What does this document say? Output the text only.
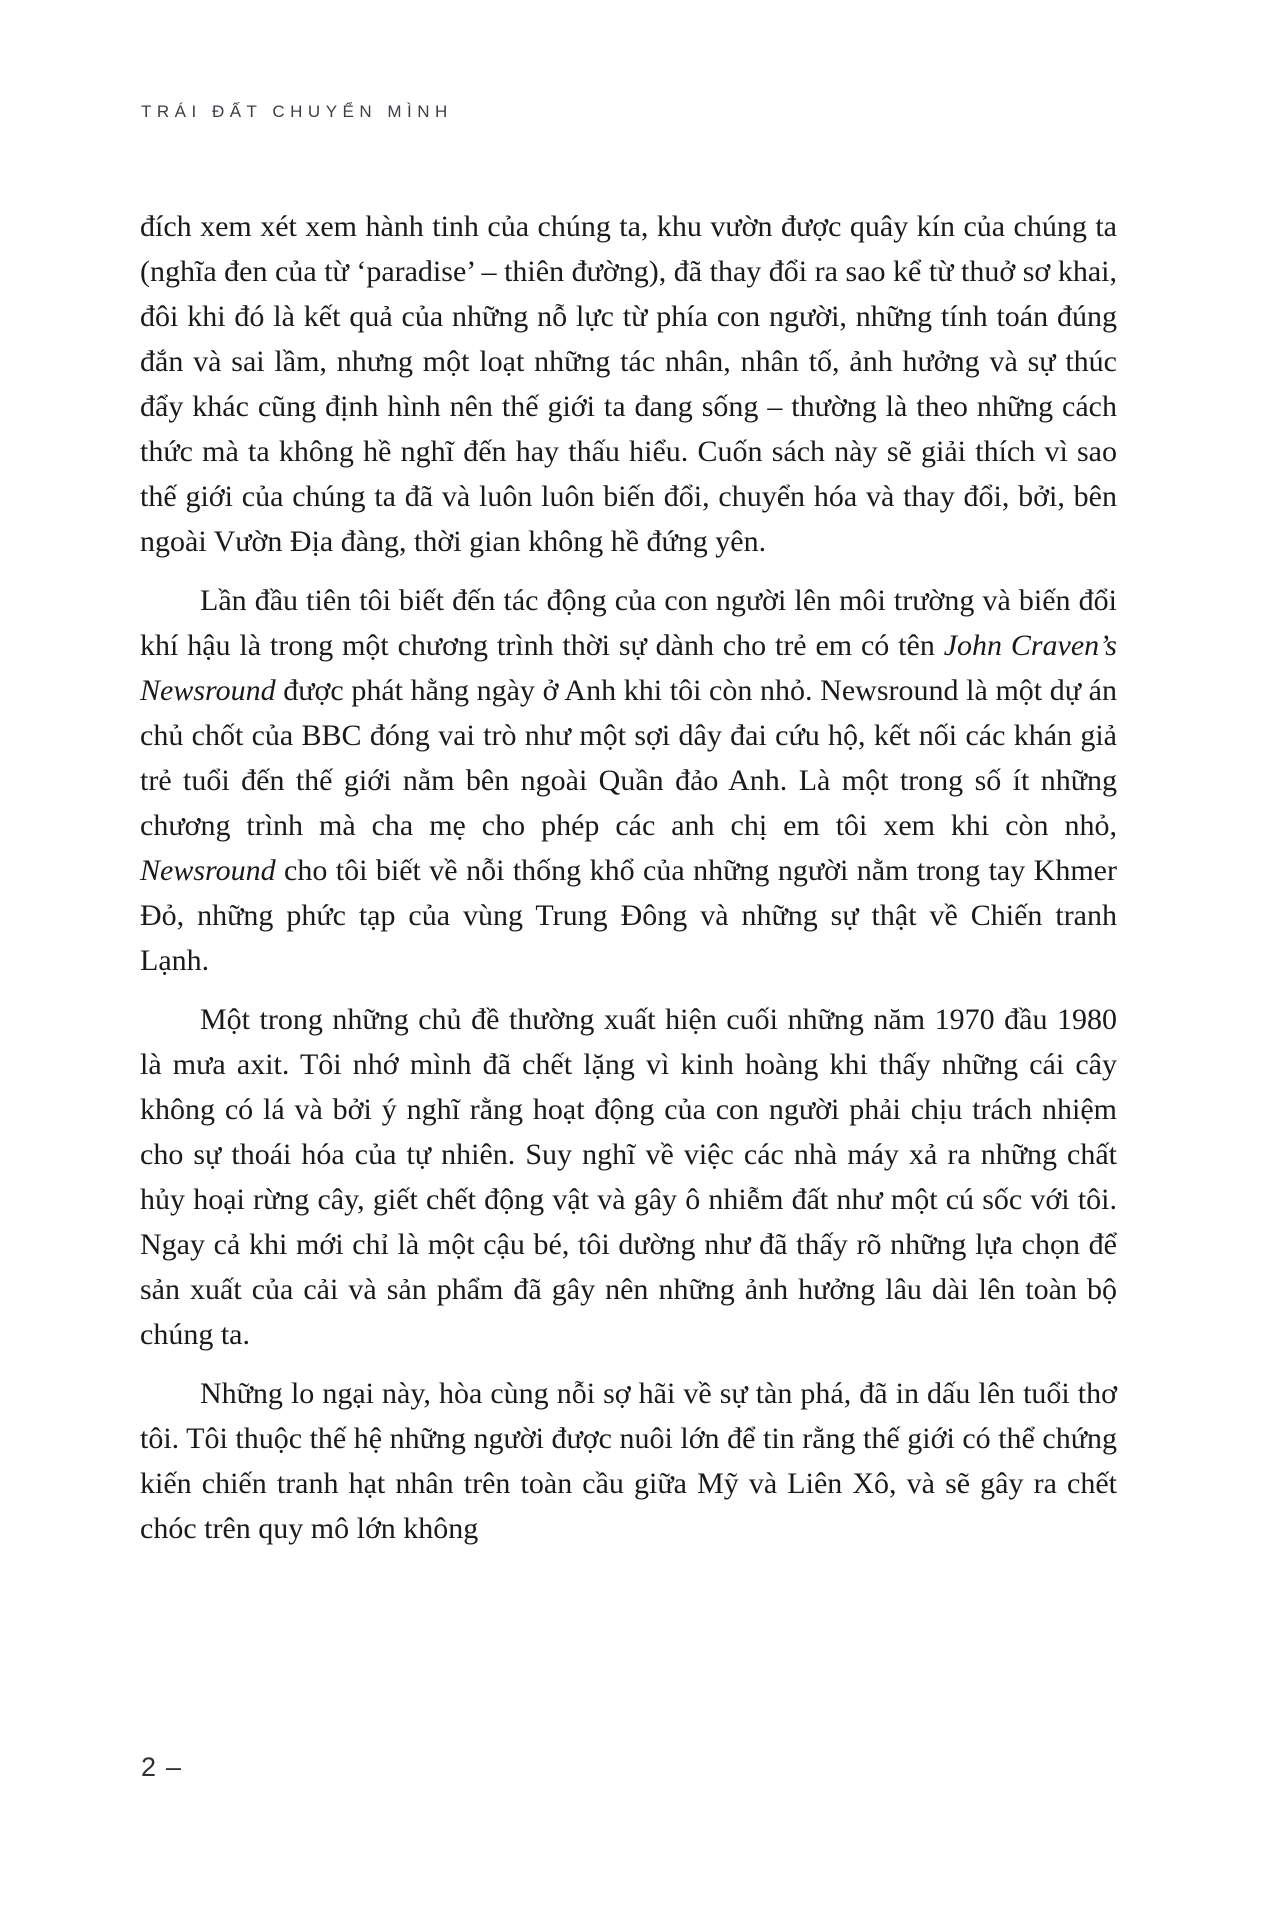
TRÁI ĐẤT CHUYỂN MÌNH

đích xem xét xem hành tinh của chúng ta, khu vườn được quây kín của chúng ta (nghĩa đen của từ ‘paradise’ – thiên đường), đã thay đổi ra sao kể từ thuở sơ khai, đôi khi đó là kết quả của những nỗ lực từ phía con người, những tính toán đúng đắn và sai lầm, nhưng một loạt những tác nhân, nhân tố, ảnh hưởng và sự thúc đẩy khác cũng định hình nên thế giới ta đang sống – thường là theo những cách thức mà ta không hề nghĩ đến hay thấu hiểu. Cuốn sách này sẽ giải thích vì sao thế giới của chúng ta đã và luôn luôn biến đổi, chuyển hóa và thay đổi, bởi, bên ngoài Vườn Địa đàng, thời gian không hề đứng yên.

Lần đầu tiên tôi biết đến tác động của con người lên môi trường và biến đổi khí hậu là trong một chương trình thời sự dành cho trẻ em có tên John Craven’s Newsround được phát hằng ngày ở Anh khi tôi còn nhỏ. Newsround là một dự án chủ chốt của BBC đóng vai trò như một sợi dây đai cứu hộ, kết nối các khán giả trẻ tuổi đến thế giới nằm bên ngoài Quần đảo Anh. Là một trong số ít những chương trình mà cha mẹ cho phép các anh chị em tôi xem khi còn nhỏ, Newsround cho tôi biết về nỗi thống khổ của những người nằm trong tay Khmer Đỏ, những phức tạp của vùng Trung Đông và những sự thật về Chiến tranh Lạnh.

Một trong những chủ đề thường xuất hiện cuối những năm 1970 đầu 1980 là mưa axit. Tôi nhớ mình đã chết lặng vì kinh hoàng khi thấy những cái cây không có lá và bởi ý nghĩ rằng hoạt động của con người phải chịu trách nhiệm cho sự thoái hóa của tự nhiên. Suy nghĩ về việc các nhà máy xả ra những chất hủy hoại rừng cây, giết chết động vật và gây ô nhiễm đất như một cú sốc với tôi. Ngay cả khi mới chỉ là một cậu bé, tôi dường như đã thấy rõ những lựa chọn để sản xuất của cải và sản phẩm đã gây nên những ảnh hưởng lâu dài lên toàn bộ chúng ta.

Những lo ngại này, hòa cùng nỗi sợ hãi về sự tàn phá, đã in dấu lên tuổi thơ tôi. Tôi thuộc thế hệ những người được nuôi lớn để tin rằng thế giới có thể chứng kiến chiến tranh hạt nhân trên toàn cầu giữa Mỹ và Liên Xô, và sẽ gây ra chết chóc trên quy mô lớn không

2 –
